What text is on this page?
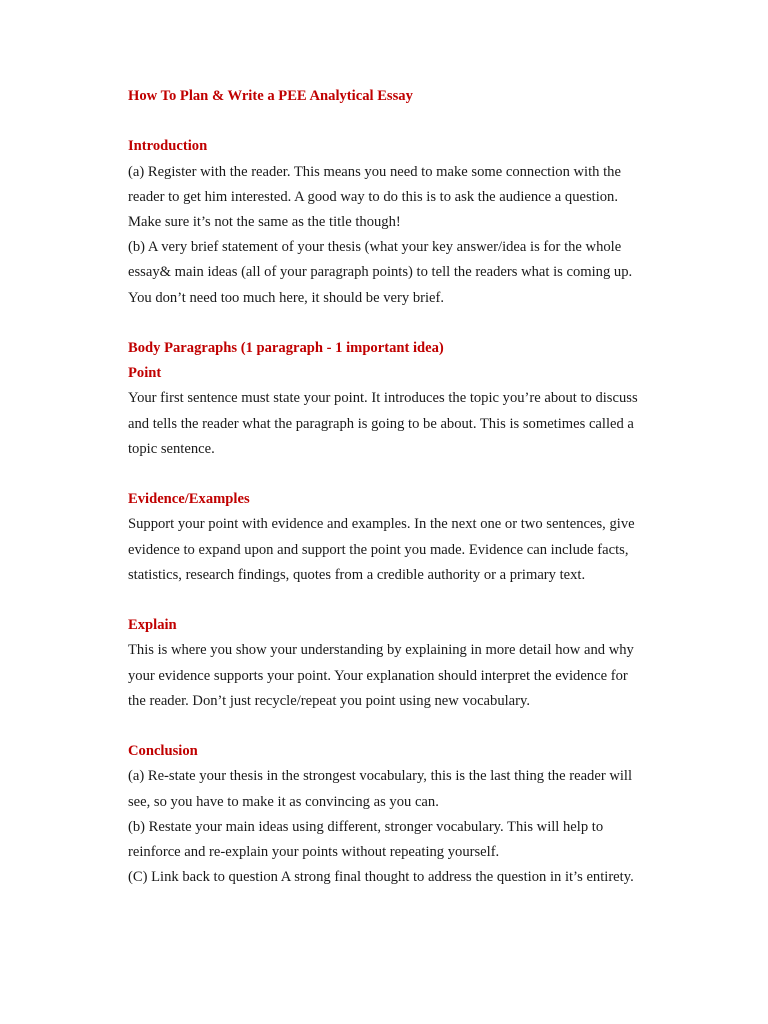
How To Plan & Write a PEE Analytical Essay

Introduction

(a) Register with the reader. This means you need to make some connection with the reader to get him interested. A good way to do this is to ask the audience a question. Make sure it’s not the same as the title though!

(b) A very brief statement of your thesis (what your key answer/idea is for the whole essay& main ideas (all of your paragraph points) to tell the readers what is coming up. You don’t need too much here, it should be very brief.

Body Paragraphs (1 paragraph - 1 important idea)

Point

Your first sentence must state your point. It introduces the topic you’re about to discuss and tells the reader what the paragraph is going to be about. This is sometimes called a topic sentence.

Evidence/Examples

Support your point with evidence and examples. In the next one or two sentences, give evidence to expand upon and support the point you made. Evidence can include facts, statistics, research findings, quotes from a credible authority or a primary text.

Explain

This is where you show your understanding by explaining in more detail how and why your evidence supports your point. Your explanation should interpret the evidence for the reader. Don’t just recycle/repeat you point using new vocabulary.

Conclusion

(a) Re-state your thesis in the strongest vocabulary, this is the last thing the reader will see, so you have to make it as convincing as you can.

(b) Restate your main ideas using different, stronger vocabulary. This will help to reinforce and re-explain your points without repeating yourself.

(C) Link back to question A strong final thought to address the question in it’s entirety.
